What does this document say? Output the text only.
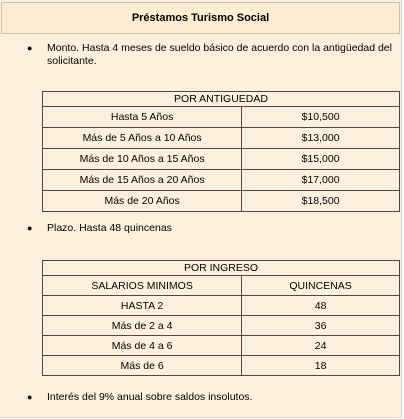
Préstamos Turismo Social
●	Monto. Hasta 4 meses de sueldo básico de acuerdo con la antigüedad del solicitante.
POR ANTIGUEDAD	
Hasta 5 Años	$10,500
Más de 5 Años a 10 Años	$13,000
Más de 10 Años a 15 Años	$15,000
Más de 15 Años a 20 Años	$17,000
Más de 20 Años	$18,500
●	Plazo. Hasta 48 quincenas
POR INGRESO	
SALARIOS MINIMOS	QUINCENAS
HASTA 2	48
Más de 2 a 4	36
Más de 4 a 6	24
Más de 6	18
●	Interés del 9% anual sobre saldos insolutos.
